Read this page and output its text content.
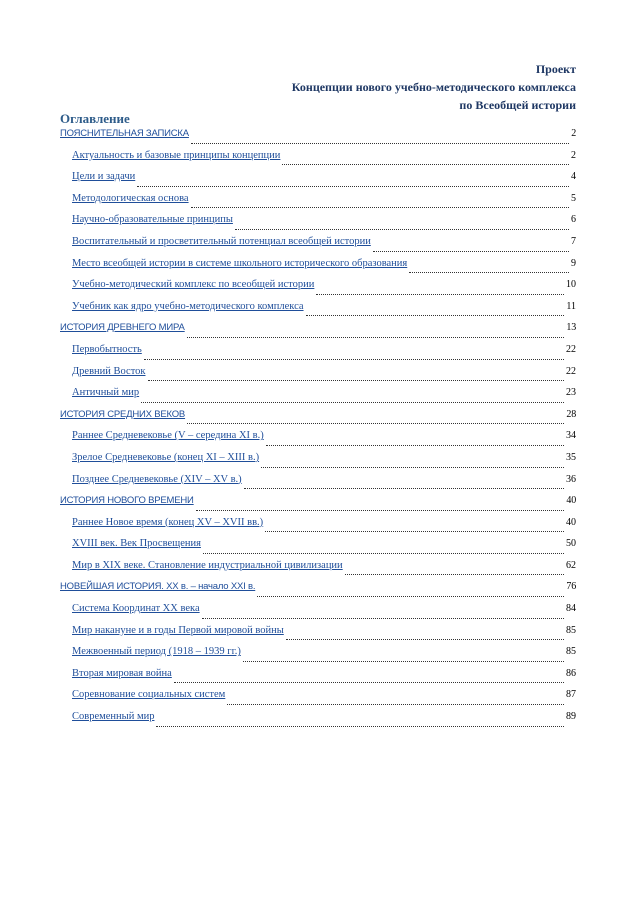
Проект
Концепции нового учебно-методического комплекса
по Всеобщей истории
Оглавление
ПОЯСНИТЕЛЬНАЯ ЗАПИСКА	2
Актуальность и базовые принципы концепции	2
Цели и задачи	4
Методологическая основа	5
Научно-образовательные принципы	6
Воспитательный и просветительный потенциал всеобщей истории	7
Место всеобщей истории в системе школьного исторического образования	9
Учебно-методический комплекс по всеобщей истории	10
Учебник как ядро учебно-методического комплекса	11
ИСТОРИЯ ДРЕВНЕГО МИРА	13
Первобытность	22
Древний Восток	22
Античный мир	23
ИСТОРИЯ СРЕДНИХ ВЕКОВ	28
Раннее Средневековье (V – середина XI в.)	34
Зрелое Средневековье (конец XI – XIII в.)	35
Позднее Средневековье (XIV – XV в.)	36
ИСТОРИЯ НОВОГО ВРЕМЕНИ	40
Раннее Новое время (конец XV – XVII вв.)	40
XVIII век. Век Просвещения	50
Мир в XIX веке. Становление индустриальной цивилизации	62
НОВЕЙШАЯ ИСТОРИЯ. XX в. – начало XXI в.	76
Система Координат XX века	84
Мир накануне и в годы Первой мировой войны	85
Межвоенный период (1918 – 1939 гг.)	85
Вторая мировая война	86
Соревнование социальных систем	87
Современный мир	89
